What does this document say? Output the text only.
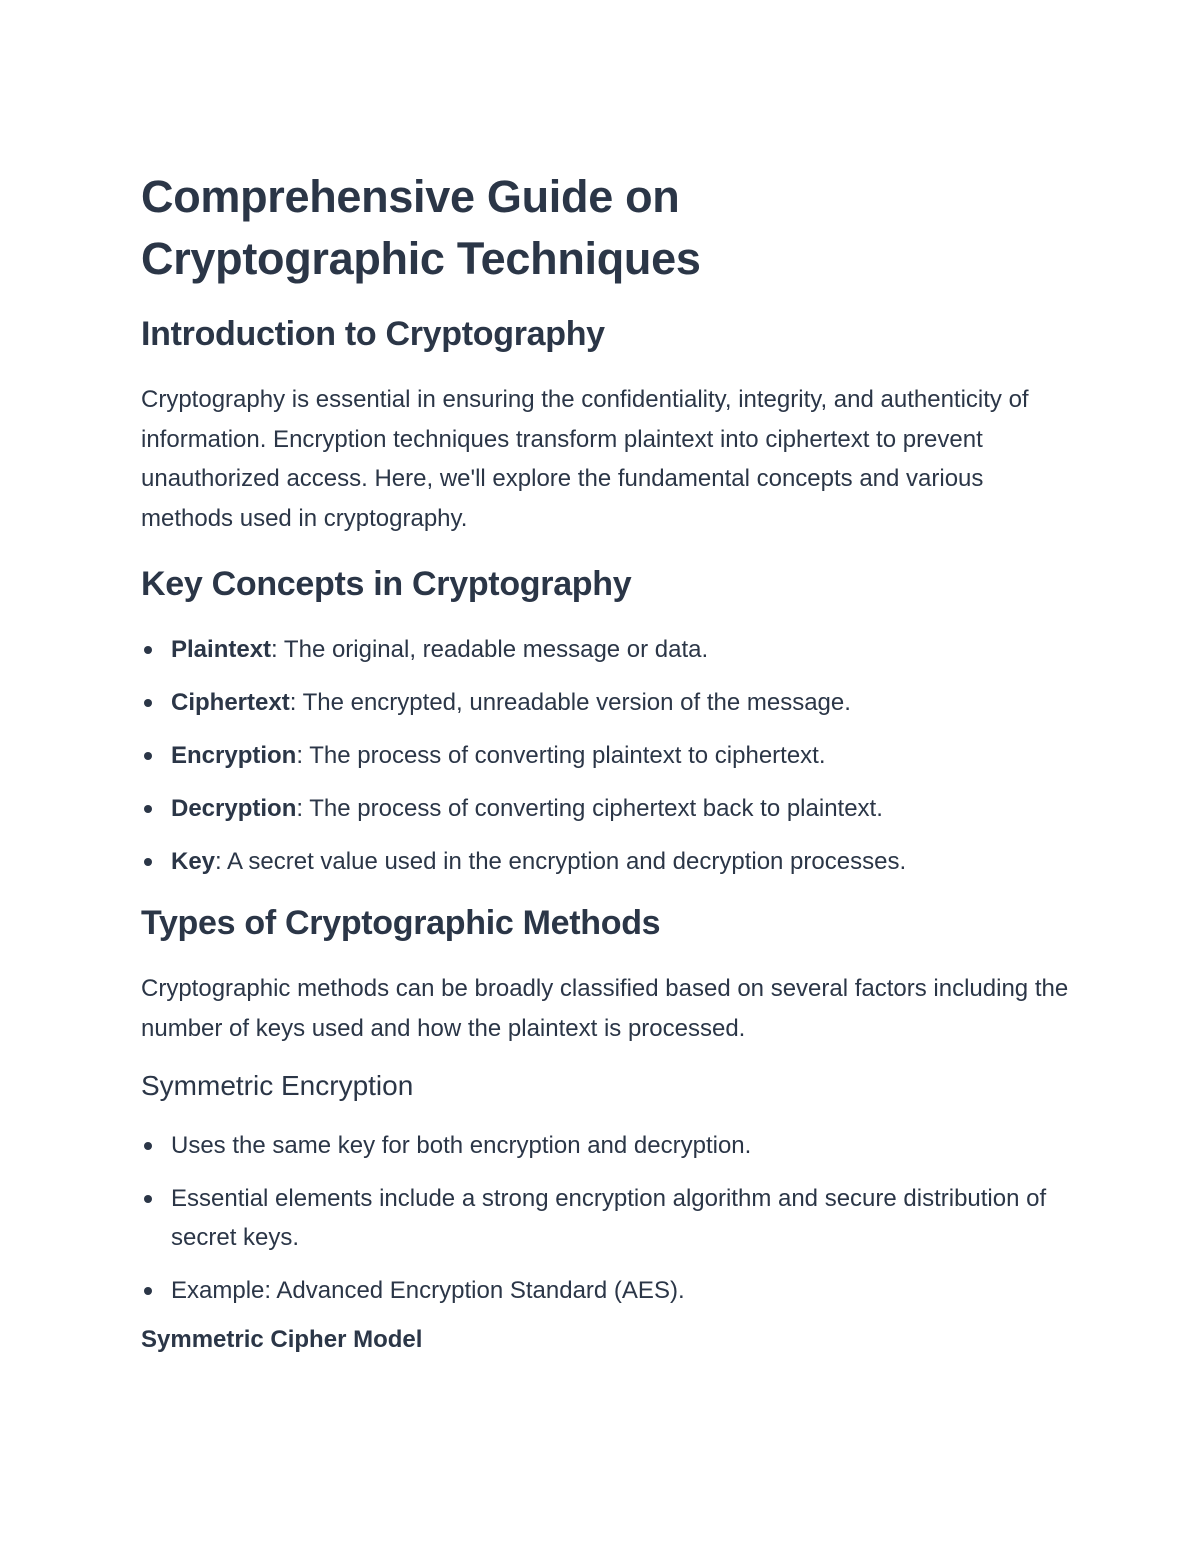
Comprehensive Guide on
Cryptographic Techniques
Introduction to Cryptography

Cryptography is essential in ensuring the confidentiality, integrity, and authenticity of information. Encryption techniques transform plaintext into ciphertext to prevent unauthorized access. Here, we'll explore the fundamental concepts and various methods used in cryptography.

Key Concepts in Cryptography
Plaintext: The original, readable message or data.
Ciphertext: The encrypted, unreadable version of the message.
Encryption: The process of converting plaintext to ciphertext.
Decryption: The process of converting ciphertext back to plaintext.
Key: A secret value used in the encryption and decryption processes.
Types of Cryptographic Methods

Cryptographic methods can be broadly classified based on several factors including the number of keys used and how the plaintext is processed.

Symmetric Encryption
Uses the same key for both encryption and decryption.
Essential elements include a strong encryption algorithm and secure distribution of secret keys.
Example: Advanced Encryption Standard (AES).
Symmetric Cipher Model
